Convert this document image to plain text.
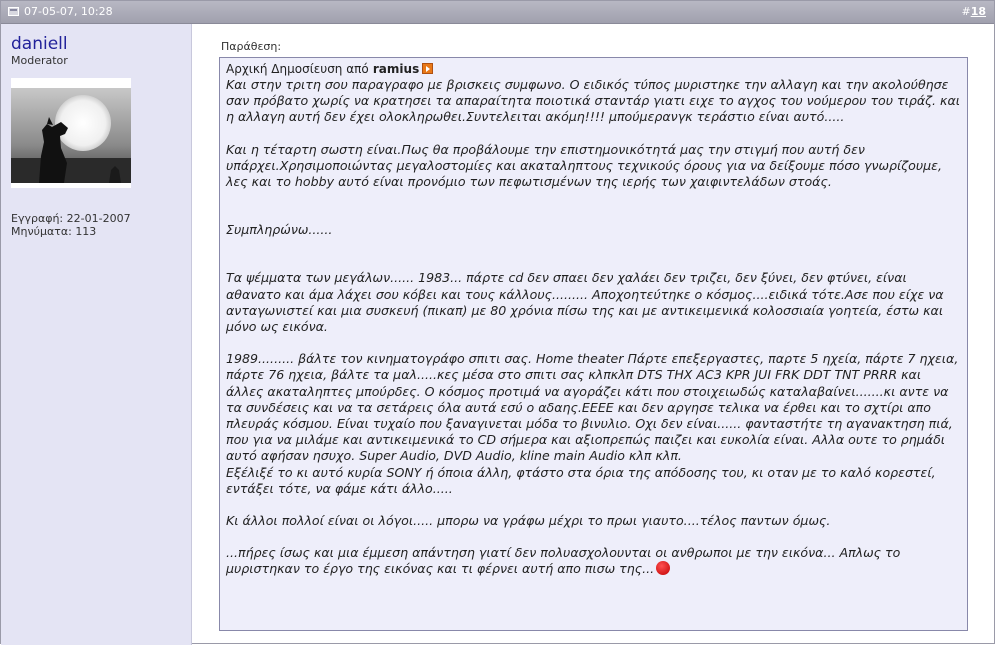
07-05-07, 10:28	#18
daniell
Moderator
Εγγραφή: 22-01-2007
Μηνύματα: 113
Παράθεση:
Αρχική Δημοσίευση από ramius

Και στην τριτη σου παραγραφο με βρισκεις συμφωνο. Ο ειδικός τύπος μυριστηκε την αλλαγη και την ακολούθησε σαν πρόβατο χωρίς να κρατησει τα απαραίτητα ποιοτικά σταντάρ γιατι ειχε το αγχος του νούμερου του τιράζ. και η αλλαγη αυτή δεν έχει ολοκληρωθει.Συντελειται ακόμη!!!! μπούμερανγκ τεράστιο είναι αυτό.....

Και η τέταρτη σωστη είναι.Πως θα προβάλουμε την επιστημονικότητά μας την στιγμή που αυτή δεν υπάρχει.Χρησιμοποιώντας μεγαλοστομίες και ακαταληπτους τεχνικούς όρους για να δείξουμε πόσο γνωρίζουμε, λες και το hobby αυτό είναι προνόμιο των πεφωτισμένων της ιερής των χαιφιντελάδων στοάς.

Συμπληρώνω......

Τα ψέμματα των μεγάλων...... 1983... πάρτε cd δεν σπαει δεν χαλάει δεν τριζει, δεν ξύνει, δεν φτύνει, είναι αθανατο και άμα λάχει σου κόβει και τους κάλλους......... Αποχοητεύτηκε ο κόσμος....ειδικά τότε.Ασε που είχε να ανταγωνιστεί και μια συσκευή (πικαπ) με 80 χρόνια πίσω της και με αντικειμενικά κολοσσιαία γοητεία, έστω και μόνο ως εικόνα.

1989......... βάλτε τον κινηματογράφο σπιτι σας. Home theater Πάρτε επεξεργαστες, παρτε 5 ηχεία, πάρτε 7 ηχεια, πάρτε 76 ηχεια, βάλτε τα μαλ.....κες μέσα στο σπιτι σας κλπκλπ DTS THX AC3 KPR JUI FRK DDT TNT PRRR και άλλες ακαταληπτες μπούρδες. Ο κόσμος προτιμά να αγοράζει κάτι που στοιχειωδώς καταλαβαίνει.......κι αντε να τα συνδέσεις και να τα σετάρεις όλα αυτά εσύ ο αδαης.ΕΕΕΕ και δεν αργησε τελικα να έρθει και το σχτίρι απο πλευράς κόσμου. Είναι τυχαίο που ξαναγινεται μόδα το βινυλιο. Οχι δεν είναι...... φανταστήτε τη αγανακτηση πιά, που για να μιλάμε και αντικειμενικά το CD σήμερα και αξιοπρεπώς παιζει και ευκολία είναι. Αλλα ουτε το ρημάδι αυτό αφήσαν ησυχο. Super Audio, DVD Audio, kline main Audio κλπ κλπ.

Εξέλιξέ το κι αυτό κυρία SONY ή όποια άλλη, φτάστο στα όρια της απόδοσης του, κι οταν με το καλό κορεστεί, εντάξει τότε, να φάμε κάτι άλλο.....

Κι άλλοι πολλοί είναι οι λόγοι..... μπορω να γράφω μέχρι το πρωι γιαυτο....τέλος παντων όμως.

...πήρες ίσως και μια έμμεση απάντηση γιατί δεν πολυασχολουνται οι ανθρωποι με την εικόνα... Απλως το μυριστηκαν το έργο της εικόνας και τι φέρνει αυτή απο πισω της...
